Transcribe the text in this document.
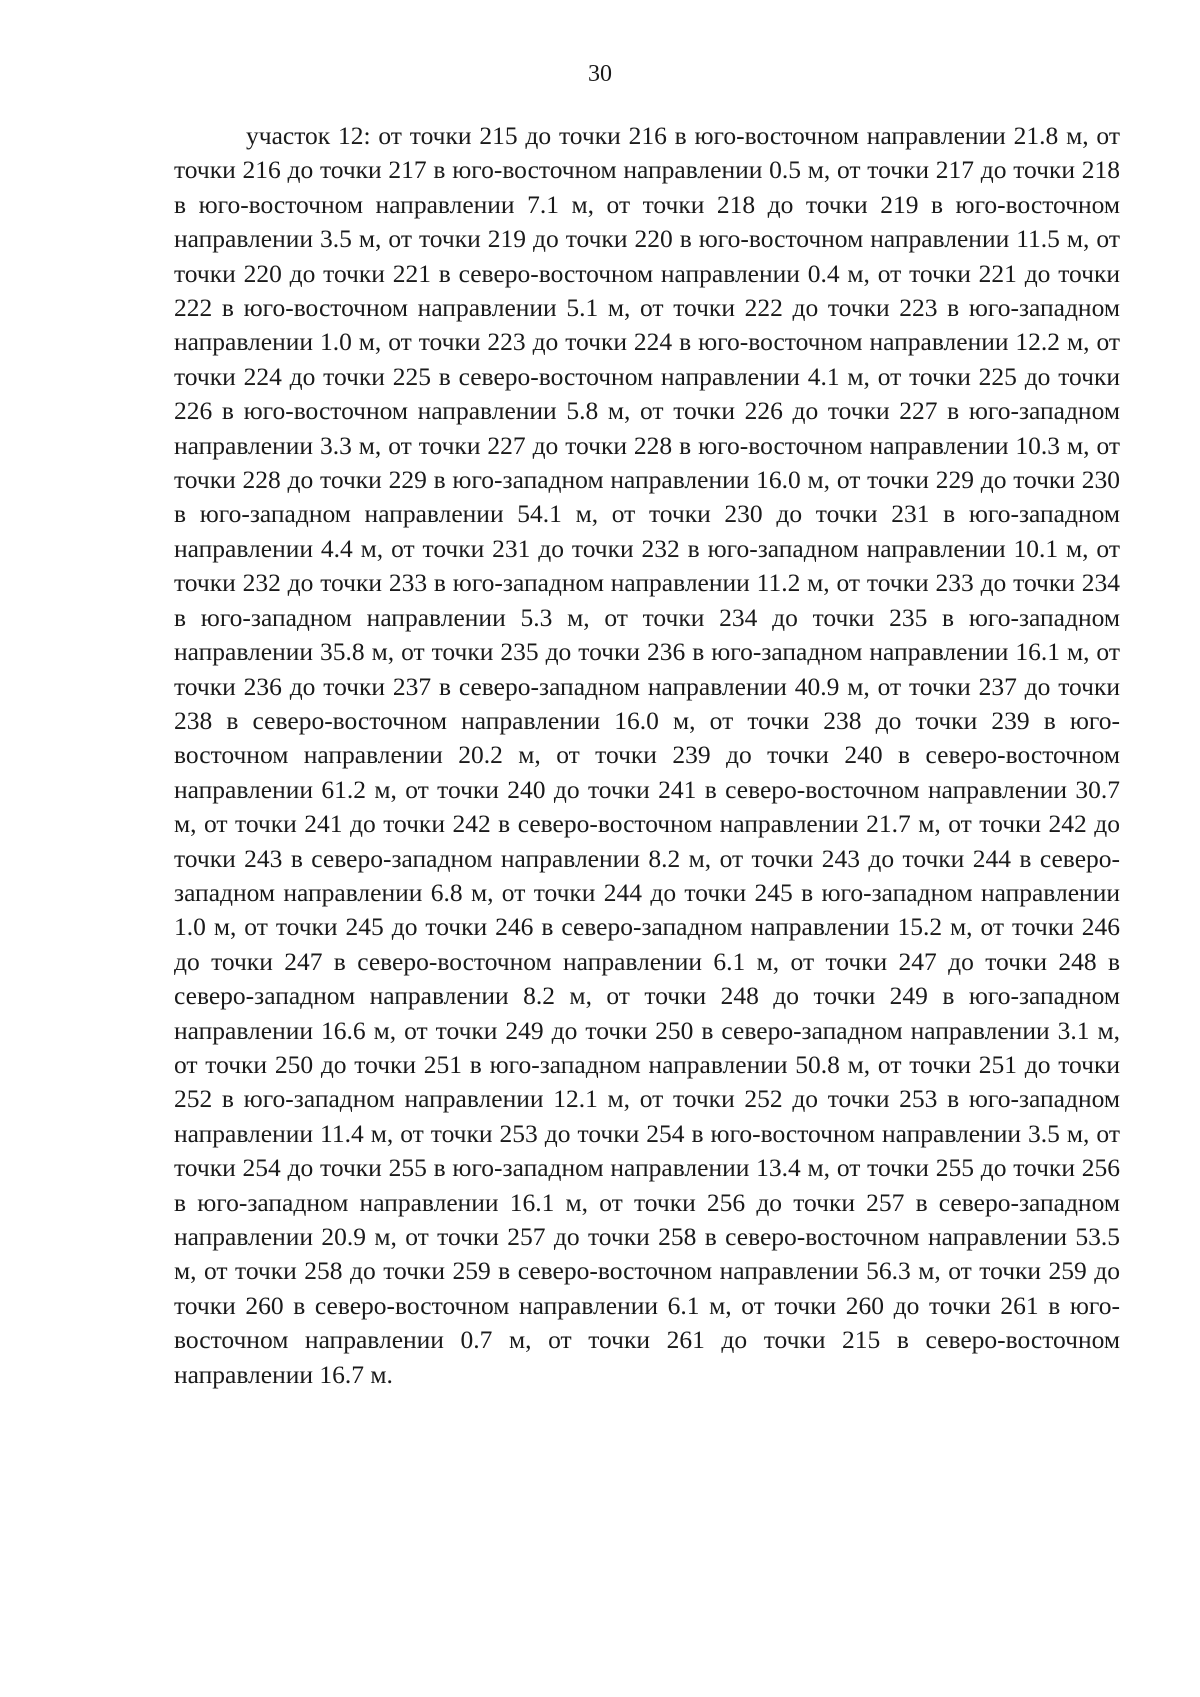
30

участок 12: от точки 215 до точки 216 в юго-восточном направлении 21.8 м, от точки 216 до точки 217 в юго-восточном направлении 0.5 м, от точки 217 до точки 218 в юго-восточном направлении 7.1 м, от точки 218 до точки 219 в юго-восточном направлении 3.5 м, от точки 219 до точки 220 в юго-восточном направлении 11.5 м, от точки 220 до точки 221 в северо-восточном направлении 0.4 м, от точки 221 до точки 222 в юго-восточном направлении 5.1 м, от точки 222 до точки 223 в юго-западном направлении 1.0 м, от точки 223 до точки 224 в юго-восточном направлении 12.2 м, от точки 224 до точки 225 в северо-восточном направлении 4.1 м, от точки 225 до точки 226 в юго-восточном направлении 5.8 м, от точки 226 до точки 227 в юго-западном направлении 3.3 м, от точки 227 до точки 228 в юго-восточном направлении 10.3 м, от точки 228 до точки 229 в юго-западном направлении 16.0 м, от точки 229 до точки 230 в юго-западном направлении 54.1 м, от точки 230 до точки 231 в юго-западном направлении 4.4 м, от точки 231 до точки 232 в юго-западном направлении 10.1 м, от точки 232 до точки 233 в юго-западном направлении 11.2 м, от точки 233 до точки 234 в юго-западном направлении 5.3 м, от точки 234 до точки 235 в юго-западном направлении 35.8 м, от точки 235 до точки 236 в юго-западном направлении 16.1 м, от точки 236 до точки 237 в северо-западном направлении 40.9 м, от точки 237 до точки 238 в северо-восточном направлении 16.0 м, от точки 238 до точки 239 в юго-восточном направлении 20.2 м, от точки 239 до точки 240 в северо-восточном направлении 61.2 м, от точки 240 до точки 241 в северо-восточном направлении 30.7 м, от точки 241 до точки 242 в северо-восточном направлении 21.7 м, от точки 242 до точки 243 в северо-западном направлении 8.2 м, от точки 243 до точки 244 в северо-западном направлении 6.8 м, от точки 244 до точки 245 в юго-западном направлении 1.0 м, от точки 245 до точки 246 в северо-западном направлении 15.2 м, от точки 246 до точки 247 в северо-восточном направлении 6.1 м, от точки 247 до точки 248 в северо-западном направлении 8.2 м, от точки 248 до точки 249 в юго-западном направлении 16.6 м, от точки 249 до точки 250 в северо-западном направлении 3.1 м, от точки 250 до точки 251 в юго-западном направлении 50.8 м, от точки 251 до точки 252 в юго-западном направлении 12.1 м, от точки 252 до точки 253 в юго-западном направлении 11.4 м, от точки 253 до точки 254 в юго-восточном направлении 3.5 м, от точки 254 до точки 255 в юго-западном направлении 13.4 м, от точки 255 до точки 256 в юго-западном направлении 16.1 м, от точки 256 до точки 257 в северо-западном направлении 20.9 м, от точки 257 до точки 258 в северо-восточном направлении 53.5 м, от точки 258 до точки 259 в северо-восточном направлении 56.3 м, от точки 259 до точки 260 в северо-восточном направлении 6.1 м, от точки 260 до точки 261 в юго-восточном направлении 0.7 м, от точки 261 до точки 215 в северо-восточном направлении 16.7 м.
